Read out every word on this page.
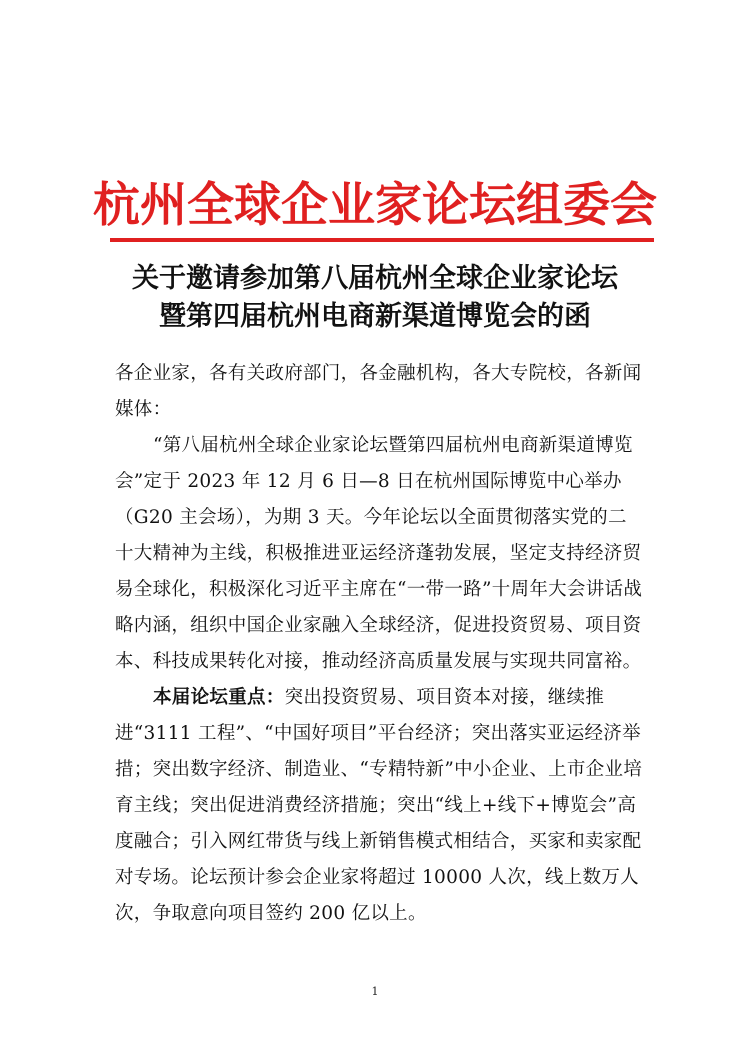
杭州全球企业家论坛组委会
关于邀请参加第八届杭州全球企业家论坛
暨第四届杭州电商新渠道博览会的函

各企业家，各有关政府部门，各金融机构，各大专院校，各新闻媒体：

“第八届杭州全球企业家论坛暨第四届杭州电商新渠道博览会”定于 2023 年 12 月 6 日—8 日在杭州国际博览中心举办（G20 主会场），为期 3 天。今年论坛以全面贯彻落实党的二十大精神为主线，积极推进亚运经济蓬勃发展，坚定支持经济贸易全球化，积极深化习近平主席在“一带一路”十周年大会讲话战略内涵，组织中国企业家融入全球经济，促进投资贸易、项目资本、科技成果转化对接，推动经济高质量发展与实现共同富裕。

本届论坛重点：突出投资贸易、项目资本对接，继续推进“3111 工程”、“中国好项目”平台经济；突出落实亚运经济举措；突出数字经济、制造业、“专精特新”中小企业、上市企业培育主线；突出促进消费经济措施；突出“线上+线下+博览会”高度融合；引入网红带货与线上新销售模式相结合，买家和卖家配对专场。论坛预计参会企业家将超过 10000 人次，线上数万人次，争取意向项目签约 200 亿以上。

1
